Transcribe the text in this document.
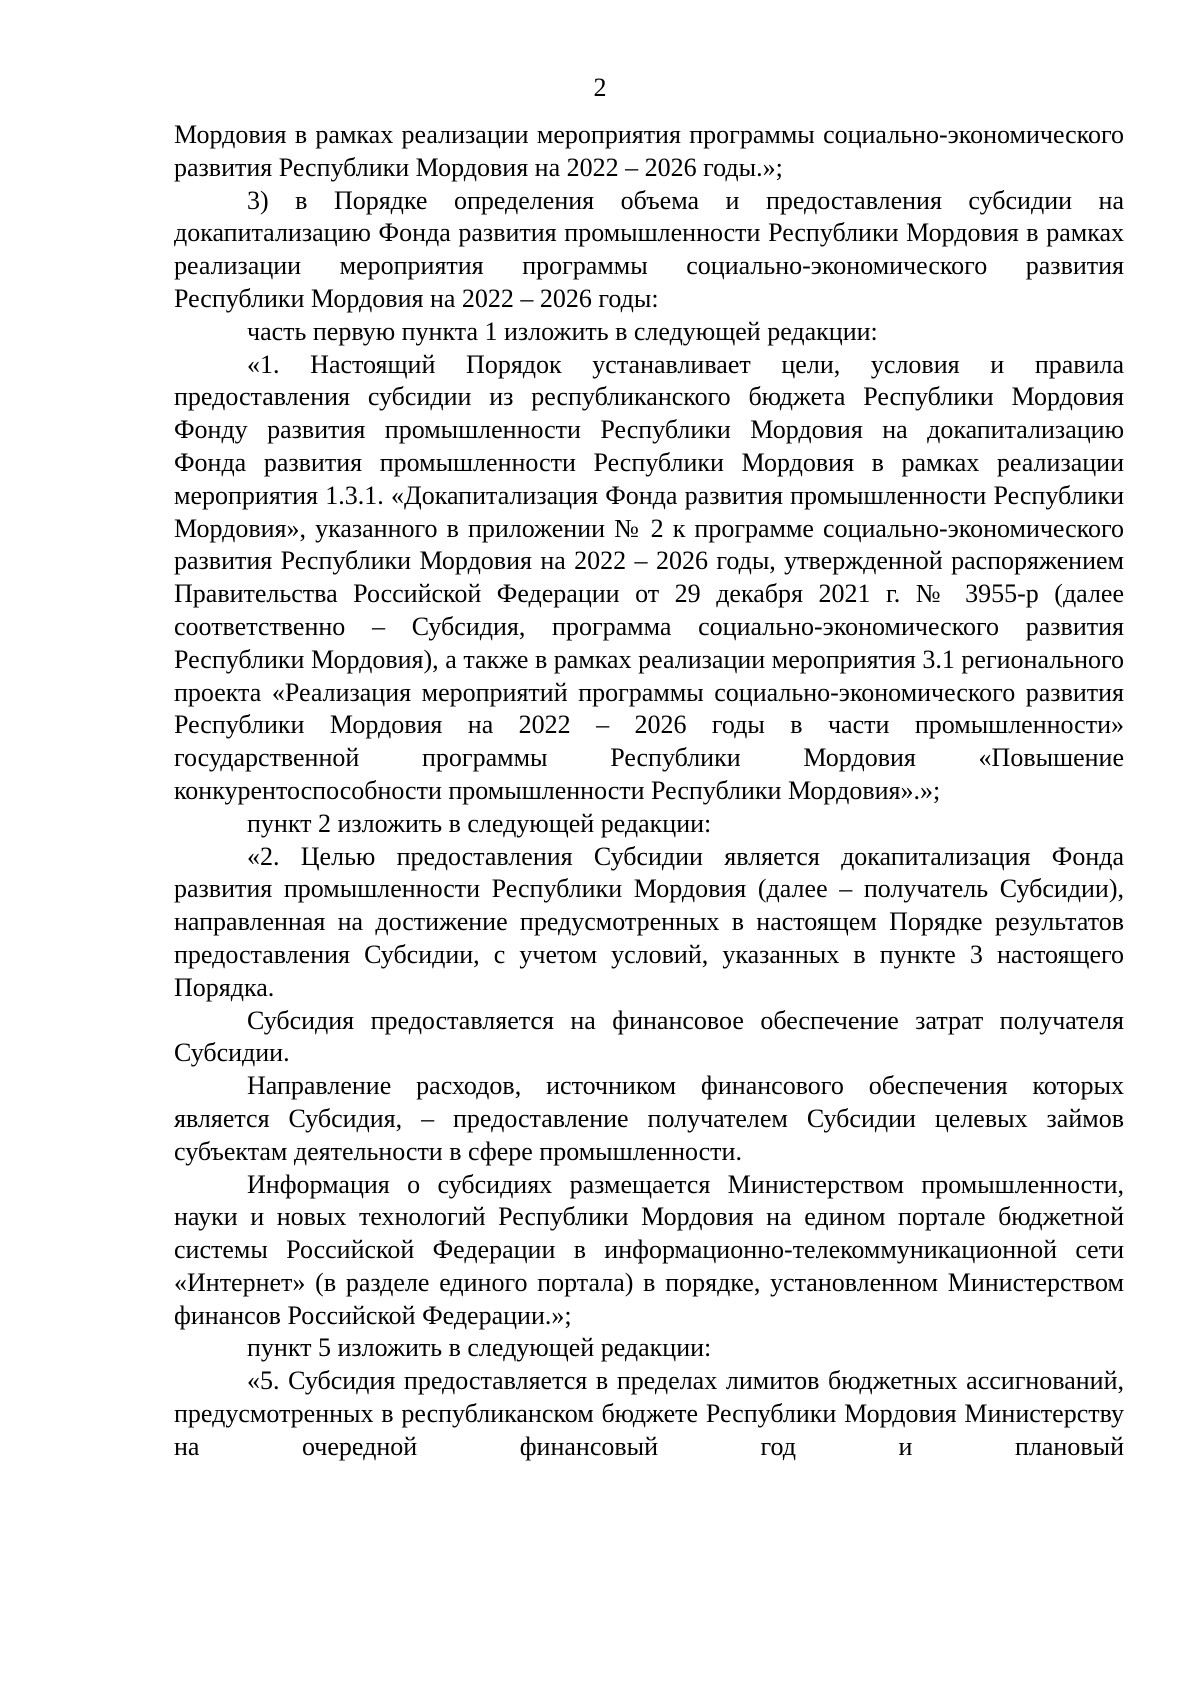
2

Мордовия в рамках реализации мероприятия программы социально-экономического развития Республики Мордовия на 2022 – 2026 годы.»;

3) в Порядке определения объема и предоставления субсидии на докапитализацию Фонда развития промышленности Республики Мордовия в рамках реализации мероприятия программы социально-экономического развития Республики Мордовия на 2022 – 2026 годы:

часть первую пункта 1 изложить в следующей редакции:

«1. Настоящий Порядок устанавливает цели, условия и правила предоставления субсидии из республиканского бюджета Республики Мордовия Фонду развития промышленности Республики Мордовия на докапитализацию Фонда развития промышленности Республики Мордовия в рамках реализации мероприятия 1.3.1. «Докапитализация Фонда развития промышленности Республики Мордовия», указанного в приложении № 2 к программе социально-экономического развития Республики Мордовия на 2022 – 2026 годы, утвержденной распоряжением Правительства Российской Федерации от 29 декабря 2021 г. № 3955-р (далее соответственно – Субсидия, программа социально-экономического развития Республики Мордовия), а также в рамках реализации мероприятия 3.1 регионального проекта «Реализация мероприятий программы социально-экономического развития Республики Мордовия на 2022 – 2026 годы в части промышленности» государственной программы Республики Мордовия «Повышение конкурентоспособности промышленности Республики Мордовия».»;

пункт 2 изложить в следующей редакции:

«2. Целью предоставления Субсидии является докапитализация Фонда развития промышленности Республики Мордовия (далее – получатель Субсидии), направленная на достижение предусмотренных в настоящем Порядке результатов предоставления Субсидии, с учетом условий, указанных в пункте 3 настоящего Порядка.

Субсидия предоставляется на финансовое обеспечение затрат получателя Субсидии.

Направление расходов, источником финансового обеспечения которых является Субсидия, – предоставление получателем Субсидии целевых займов субъектам деятельности в сфере промышленности.

Информация о субсидиях размещается Министерством промышленности, науки и новых технологий Республики Мордовия на едином портале бюджетной системы Российской Федерации в информационно-телекоммуникационной сети «Интернет» (в разделе единого портала) в порядке, установленном Министерством финансов Российской Федерации.»;

пункт 5 изложить в следующей редакции:

«5. Субсидия предоставляется в пределах лимитов бюджетных ассигнований, предусмотренных в республиканском бюджете Республики Мордовия Министерству на очередной финансовый год и плановый
